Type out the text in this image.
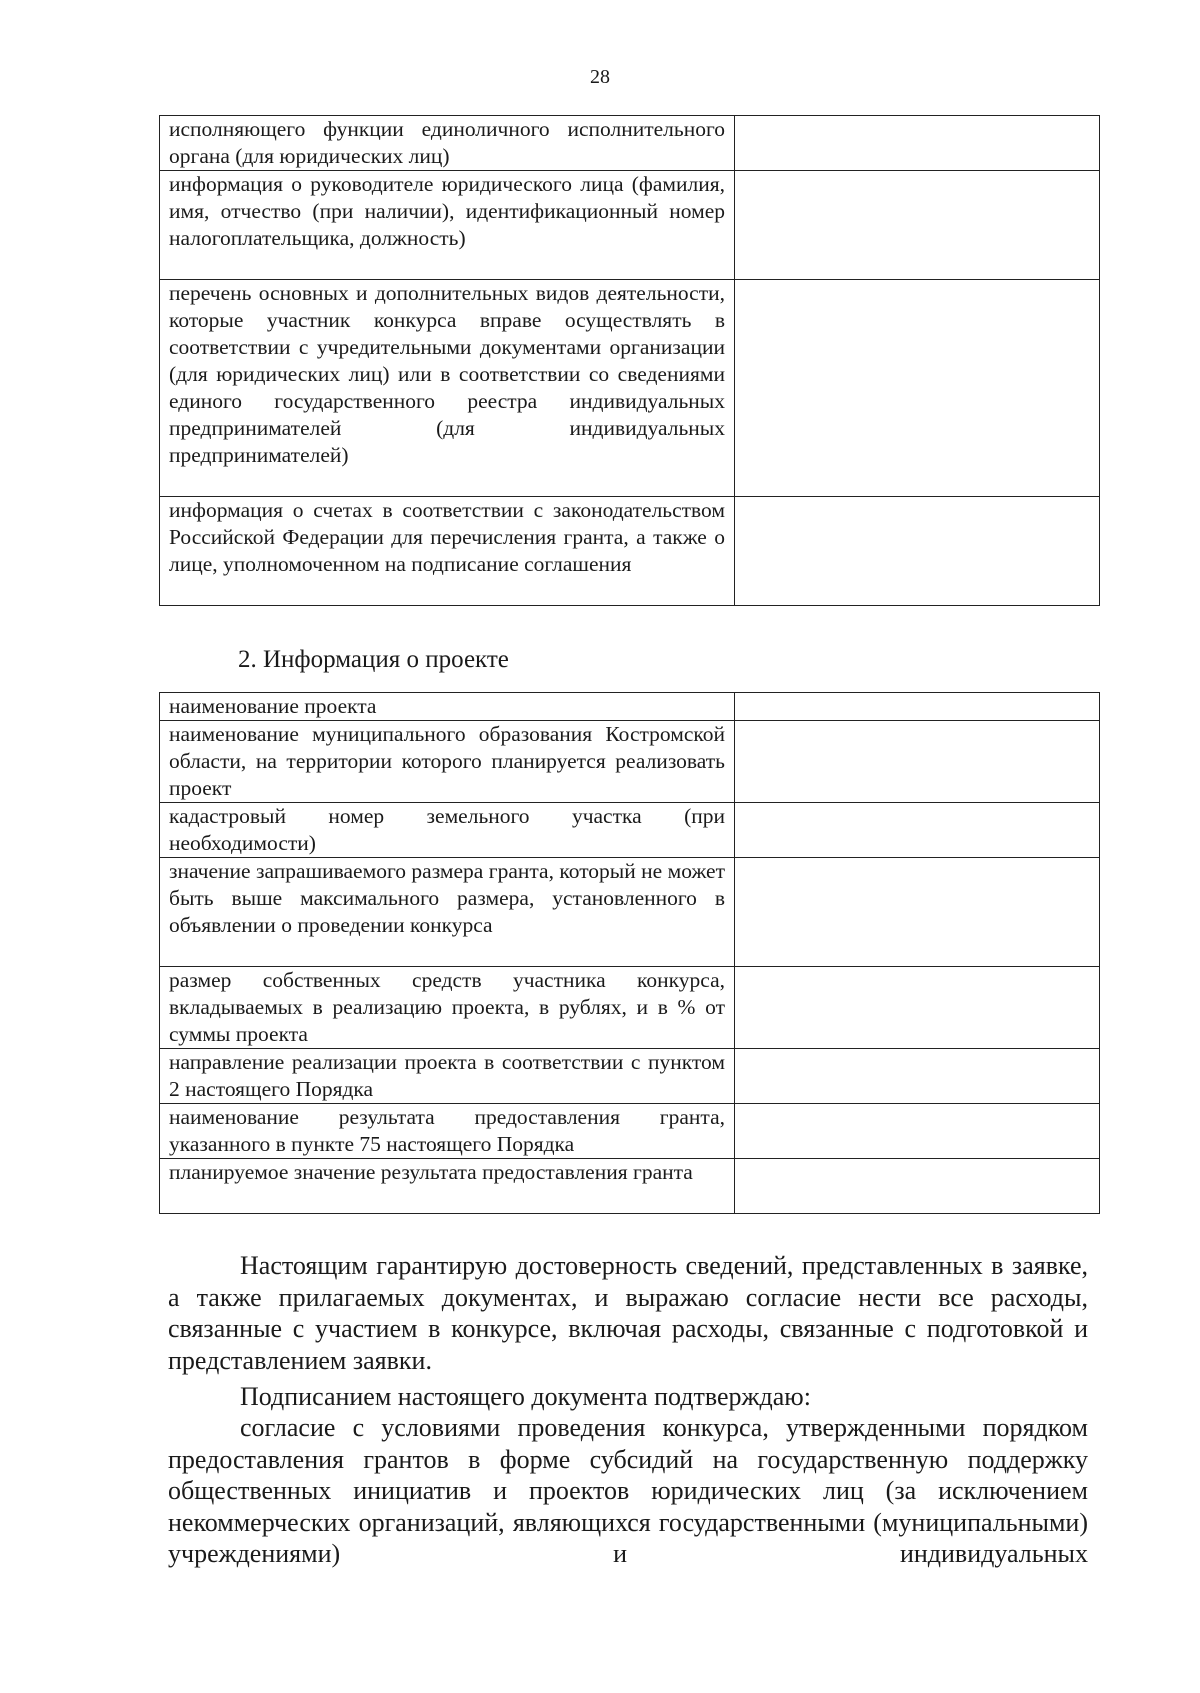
28
исполняющего функции единоличного исполнительного органа (для юридических лиц)	
информация о руководителе юридического лица (фамилия, имя, отчество (при наличии), идентификационный номер налогоплательщика, должность)	
перечень основных и дополнительных видов деятельности, которые участник конкурса вправе осуществлять в соответствии с учредительными документами организации (для юридических лиц) или в соответствии со сведениями единого государственного реестра индивидуальных предпринимателей (для индивидуальных предпринимателей)	
информация о счетах в соответствии с законодательством Российской Федерации для перечисления гранта, а также о лице, уполномоченном на подписание соглашения	
2. Информация о проекте
наименование проекта	
наименование муниципального образования Костромской области, на территории которого планируется реализовать проект	
кадастровый номер земельного участка (при необходимости)	
значение запрашиваемого размера гранта, который не может быть выше максимального размера, установленного в объявлении о проведении конкурса	
размер собственных средств участника конкурса, вкладываемых в реализацию проекта, в рублях, и в % от суммы проекта	
направление реализации проекта в соответствии с пунктом 2 настоящего Порядка	
наименование результата предоставления гранта, указанного в пункте 75 настоящего Порядка	
планируемое значение результата предоставления гранта	

Настоящим гарантирую достоверность сведений, представленных в заявке, а также прилагаемых документах, и выражаю согласие нести все расходы, связанные с участием в конкурсе, включая расходы, связанные с подготовкой и представлением заявки.

Подписанием настоящего документа подтверждаю:

согласие с условиями проведения конкурса, утвержденными порядком предоставления грантов в форме субсидий на государственную поддержку общественных инициатив и проектов юридических лиц (за исключением некоммерческих организаций, являющихся государственными (муниципальными) учреждениями) и индивидуальных
